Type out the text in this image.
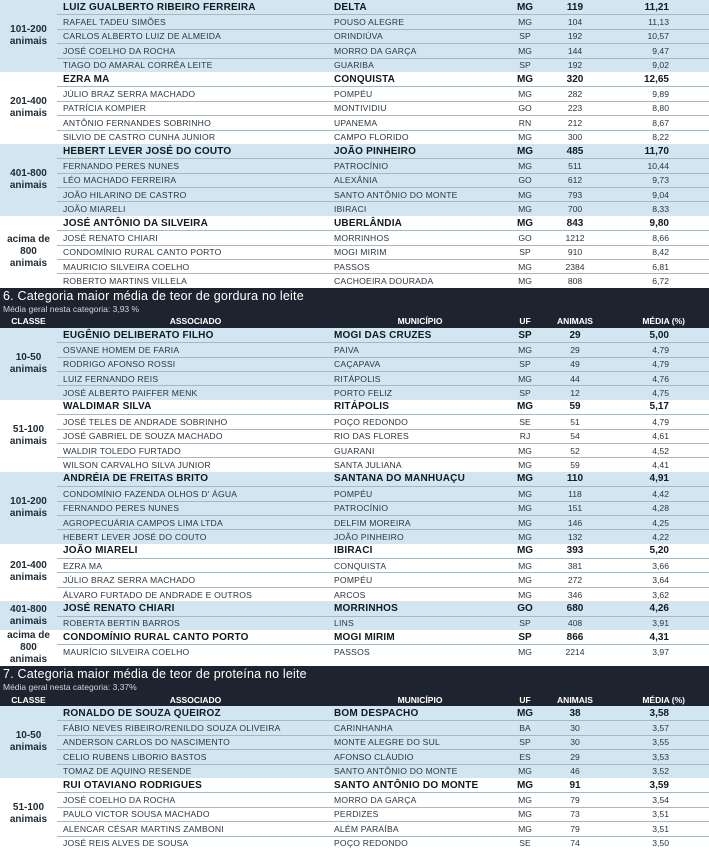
101-200 animais
LUIZ GUALBERTO RIBEIRO FERREIRA	DELTA	MG	119	11,21
RAFAEL TADEU SIMÕES	POUSO ALEGRE	MG	104	11,13
CARLOS ALBERTO LUIZ DE ALMEIDA	ORINDIÚVA	SP	192	10,57
JOSÉ COELHO DA ROCHA	MORRO DA GARÇA	MG	144	9,47
TIAGO DO AMARAL CORRÊA LEITE	GUARIBA	SP	192	9,02
201-400 animais
EZRA MA	CONQUISTA	MG	320	12,65
JÚLIO BRAZ SERRA MACHADO	POMPÉU	MG	282	9,89
PATRÍCIA KOMPIER	MONTIVIDIU	GO	223	8,80
ANTÔNIO FERNANDES SOBRINHO	UPANEMA	RN	212	8,67
SILVIO DE CASTRO CUNHA JUNIOR	CAMPO FLORIDO	MG	300	8,22
401-800 animais
HEBERT LEVER JOSÉ DO COUTO	JOÃO PINHEIRO	MG	485	11,70
FERNANDO PERES NUNES	PATROCÍNIO	MG	511	10,44
LÉO MACHADO FERREIRA	ALEXÂNIA	GO	612	9,73
JOÃO HILARINO DE CASTRO	SANTO ANTÔNIO DO MONTE	MG	793	9,04
JOÃO MIARELI	IBIRACI	MG	700	8,33
acima de 800 animais
JOSÉ ANTÔNIO DA SILVEIRA	UBERLÂNDIA	MG	843	9,80
JOSÉ RENATO CHIARI	MORRINHOS	GO	1212	8,66
CONDOMÍNIO RURAL CANTO PORTO	MOGI MIRIM	SP	910	8,42
MAURICIO SILVEIRA COELHO	PASSOS	MG	2384	6,81
ROBERTO MARTINS VILLELA	CACHOEIRA DOURADA	MG	808	6,72
6. Categoria maior média de teor de gordura no leite
Média geral nesta categoria: 3,93 %
CLASSE	ASSOCIADO	MUNICÍPIO	UF	ANIMAIS	MÉDIA (%)
10-50 animais
EUGÊNIO DELIBERATO FILHO	MOGI DAS CRUZES	SP	29	5,00
OSVANE HOMEM DE FARIA	PAIVA	MG	29	4,79
RODRIGO AFONSO ROSSI	CAÇAPAVA	SP	49	4,79
LUIZ FERNANDO REIS	RITÁPOLIS	MG	44	4,76
JOSÉ ALBERTO PAIFFER MENK	PORTO FELIZ	SP	12	4,75
51-100 animais
WALDIMAR SILVA	RITÁPOLIS	MG	59	5,17
JOSÉ TELES DE ANDRADE SOBRINHO	POÇO REDONDO	SE	51	4,79
JOSÉ GABRIEL DE SOUZA MACHADO	RIO DAS FLORES	RJ	54	4,61
WALDIR TOLEDO FURTADO	GUARANI	MG	52	4,52
WILSON CARVALHO SILVA JUNIOR	SANTA JULIANA	MG	59	4,41
101-200 animais
ANDRÉIA DE FREITAS BRITO	SANTANA DO MANHUAÇU	MG	110	4,91
CONDOMÍNIO FAZENDA OLHOS D' ÁGUA	POMPÉU	MG	118	4,42
FERNANDO PERES NUNES	PATROCÍNIO	MG	151	4,28
AGROPECUÁRIA CAMPOS LIMA LTDA	DELFIM MOREIRA	MG	146	4,25
HEBERT LEVER JOSÉ DO COUTO	JOÃO PINHEIRO	MG	132	4,22
201-400 animais
JOÃO MIARELI	IBIRACI	MG	393	5,20
EZRA MA	CONQUISTA	MG	381	3,66
JÚLIO BRAZ SERRA MACHADO	POMPÉU	MG	272	3,64
ÁLVARO FURTADO DE ANDRADE E OUTROS	ARCOS	MG	346	3,62
401-800 animais
JOSÉ RENATO CHIARI	MORRINHOS	GO	680	4,26
ROBERTA BERTIN BARROS	LINS	SP	408	3,91
acima de 800 animais
CONDOMÍNIO RURAL CANTO PORTO	MOGI MIRIM	SP	866	4,31
MAURÍCIO SILVEIRA COELHO	PASSOS	MG	2214	3,97
7. Categoria maior média de teor de proteína no leite
Média geral nesta categoria: 3,37%
CLASSE	ASSOCIADO	MUNICÍPIO	UF	ANIMAIS	MÉDIA (%)
10-50 animais
RONALDO DE SOUZA QUEIROZ	BOM DESPACHO	MG	38	3,58
FÁBIO NEVES RIBEIRO/RENILDO SOUZA OLIVEIRA	CARINHANHA	BA	30	3,57
ANDERSON CARLOS DO NASCIMENTO	MONTE ALEGRE DO SUL	SP	30	3,55
CELIO RUBENS LIBORIO BASTOS	AFONSO CLÁUDIO	ES	29	3,53
TOMAZ DE AQUINO RESENDE	SANTO ANTÔNIO DO MONTE	MG	46	3,52
51-100 animais
RUI OTAVIANO RODRIGUES	SANTO ANTÔNIO DO MONTE	MG	91	3,59
JOSÉ COELHO DA ROCHA	MORRO DA GARÇA	MG	79	3,54
PAULO VICTOR SOUSA MACHADO	PERDIZES	MG	73	3,51
ALENCAR CÉSAR MARTINS ZAMBONI	ALÉM PARAÍBA	MG	79	3,51
JOSÉ REIS ALVES DE SOUSA	POÇO REDONDO	SE	74	3,50
